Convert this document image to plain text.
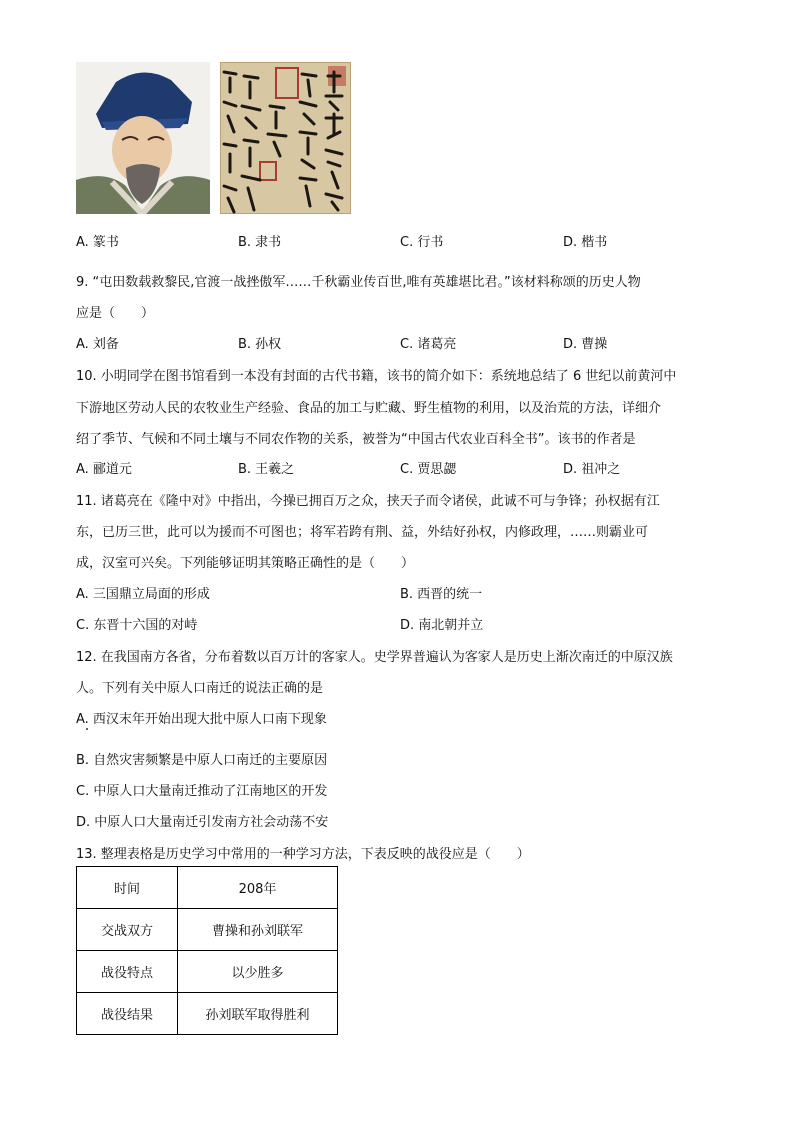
A. 篆书	B. 隶书	C. 行书	D. 楷书
9. “屯田数载救黎民,官渡一战挫傲军……千秋霸业传百世,唯有英雄堪比君。”该材料称颂的历史人物
应是（　　）
A. 刘备	B. 孙权	C. 诸葛亮	D. 曹操
10. 小明同学在图书馆看到一本没有封面的古代书籍，该书的简介如下：系统地总结了 6 世纪以前黄河中
下游地区劳动人民的农牧业生产经验、食品的加工与贮藏、野生植物的利用，以及治荒的方法，详细介
绍了季节、气候和不同土壤与不同农作物的关系，被誉为“中国古代农业百科全书”。该书的作者是
A. 郦道元	B. 王羲之	C. 贾思勰	D. 祖冲之
11. 诸葛亮在《隆中对》中指出，今操已拥百万之众，挟天子而令诸侯，此诚不可与争锋；孙权据有江
东，已历三世，此可以为援而不可图也；将军若跨有荆、益，外结好孙权，内修政理，……则霸业可
成，汉室可兴矣。下列能够证明其策略正确性的是（　　）
A. 三国鼎立局面的形成	B. 西晋的统一
C. 东晋十六国的对峙	D. 南北朝并立
12. 在我国南方各省，分布着数以百万计的客家人。史学界普遍认为客家人是历史上渐次南迁的中原汉族
人。下列有关中原人口南迁的说法正确的是
A. 西汉末年开始出现大批中原人口南下现象
B. 自然灾害频繁是中原人口南迁的主要原因
C. 中原人口大量南迁推动了江南地区的开发
D. 中原人口大量南迁引发南方社会动荡不安
13. 整理表格是历史学习中常用的一种学习方法，下表反映的战役应是（　　）
时间	208年
交战双方	曹操和孙刘联军
战役特点	以少胜多
战役结果	孙刘联军取得胜利
